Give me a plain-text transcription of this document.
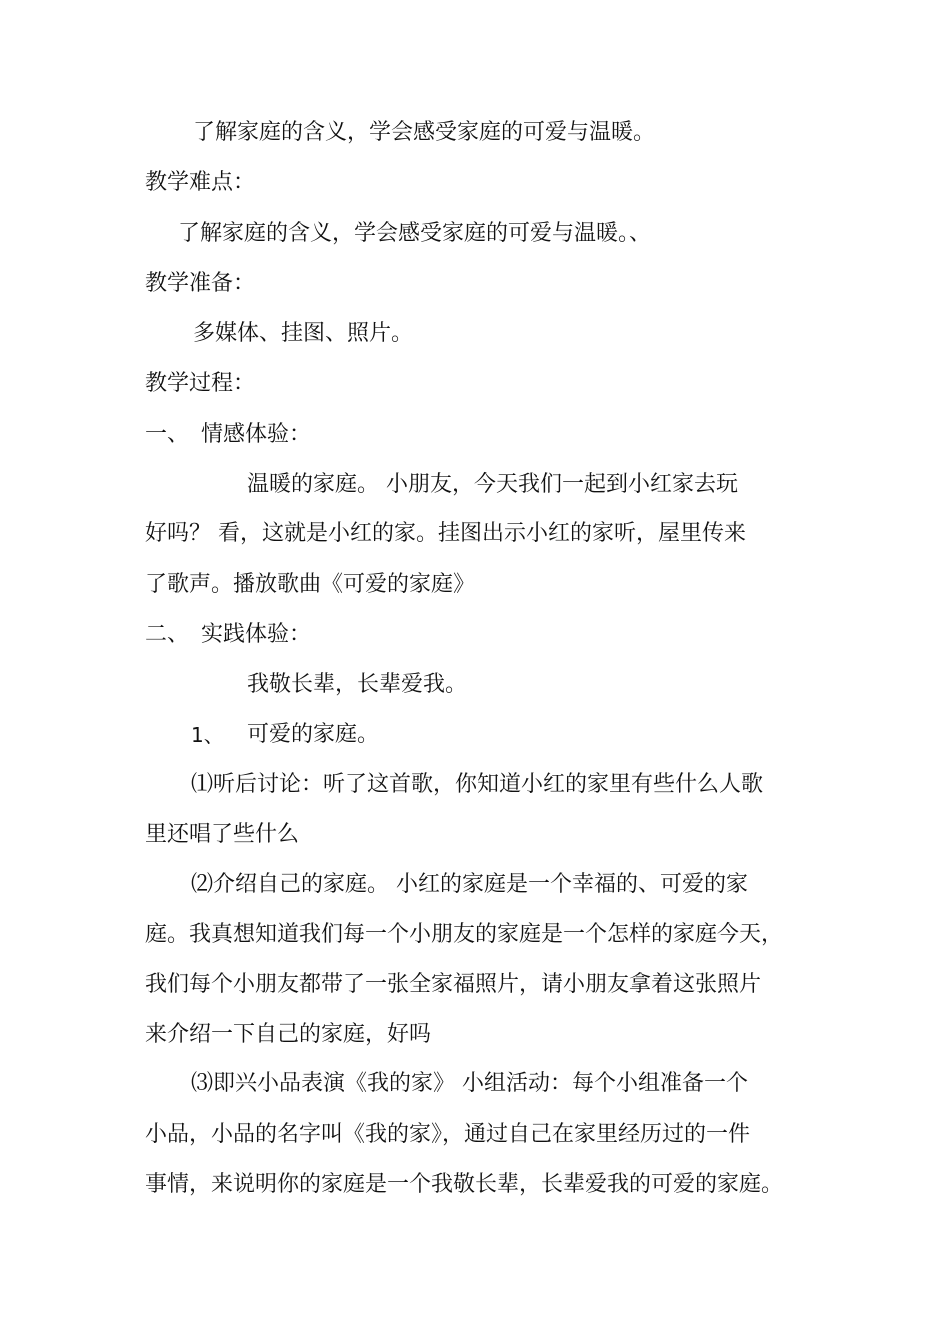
了解家庭的含义，学会感受家庭的可爱与温暖。
教学难点：
了解家庭的含义，学会感受家庭的可爱与温暖。、
教学准备：
多媒体、挂图、照片。
教学过程：
一、 情感体验：
温暖的家庭。 小朋友，今天我们一起到小红家去玩
好吗？ 看，这就是小红的家。挂图出示小红的家听，屋里传来
了歌声。播放歌曲《可爱的家庭》
二、 实践体验：
我敬长辈，长辈爱我。
1、 可爱的家庭。
⑴听后讨论：听了这首歌，你知道小红的家里有些什么人歌
里还唱了些什么
⑵介绍自己的家庭。 小红的家庭是一个幸福的、可爱的家
庭。我真想知道我们每一个小朋友的家庭是一个怎样的家庭今天，
我们每个小朋友都带了一张全家福照片，请小朋友拿着这张照片
来介绍一下自己的家庭，好吗
⑶即兴小品表演《我的家》 小组活动：每个小组准备一个
小品，小品的名字叫《我的家》，通过自己在家里经历过的一件
事情，来说明你的家庭是一个我敬长辈，长辈爱我的可爱的家庭。
